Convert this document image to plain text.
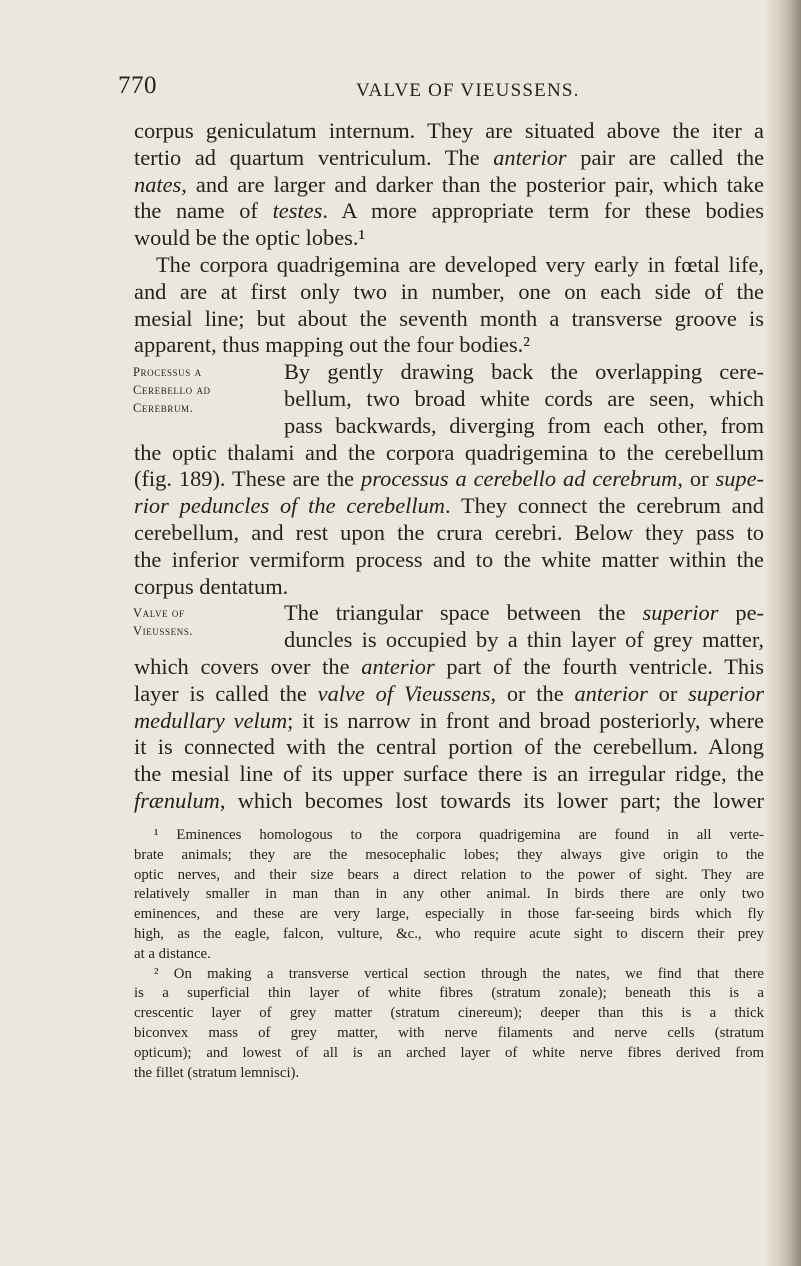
770	VALVE OF VIEUSSENS.

corpus geniculatum internum. They are situated above the iter a
tertio ad quartum ventriculum. The anterior pair are called the
nates, and are larger and darker than the posterior pair, which take
the name of testes. A more appropriate term for these bodies
would be the optic lobes.¹

The corpora quadrigemina are developed very early in fœtal life,

and are at first only two in number, one on each side of the
mesial line; but about the seventh month a transverse groove is
apparent, thus mapping out the four bodies.²

Processus a
Cerebello ad
Cerebrum.
By gently drawing back the overlapping cere-
bellum, two broad white cords are seen, which
pass backwards, diverging from each other, from
the optic thalami and the corpora quadrigemina to the cerebellum
(fig. 189). These are the processus a cerebello ad cerebrum, or supe-
rior peduncles of the cerebellum. They connect the cerebrum and
cerebellum, and rest upon the crura cerebri. Below they pass to
the inferior vermiform process and to the white matter within the
corpus dentatum.
Valve of
Vieussens.
The triangular space between the superior pe-
duncles is occupied by a thin layer of grey matter,
which covers over the anterior part of the fourth ventricle. This
layer is called the valve of Vieussens, or the anterior or superior
medullary velum; it is narrow in front and broad posteriorly, where
it is connected with the central portion of the cerebellum. Along
the mesial line of its upper surface there is an irregular ridge, the
frænulum, which becomes lost towards its lower part; the lower
¹ Eminences homologous to the corpora quadrigemina are found in all verte-
brate animals; they are the mesocephalic lobes; they always give origin to the
optic nerves, and their size bears a direct relation to the power of sight. They are
relatively smaller in man than in any other animal. In birds there are only two
eminences, and these are very large, especially in those far-seeing birds which fly
high, as the eagle, falcon, vulture, &c., who require acute sight to discern their prey
at a distance.
² On making a transverse vertical section through the nates, we find that there
is a superficial thin layer of white fibres (stratum zonale); beneath this is a
crescentic layer of grey matter (stratum cinereum); deeper than this is a thick
biconvex mass of grey matter, with nerve filaments and nerve cells (stratum
opticum); and lowest of all is an arched layer of white nerve fibres derived from
the fillet (stratum lemnisci).
